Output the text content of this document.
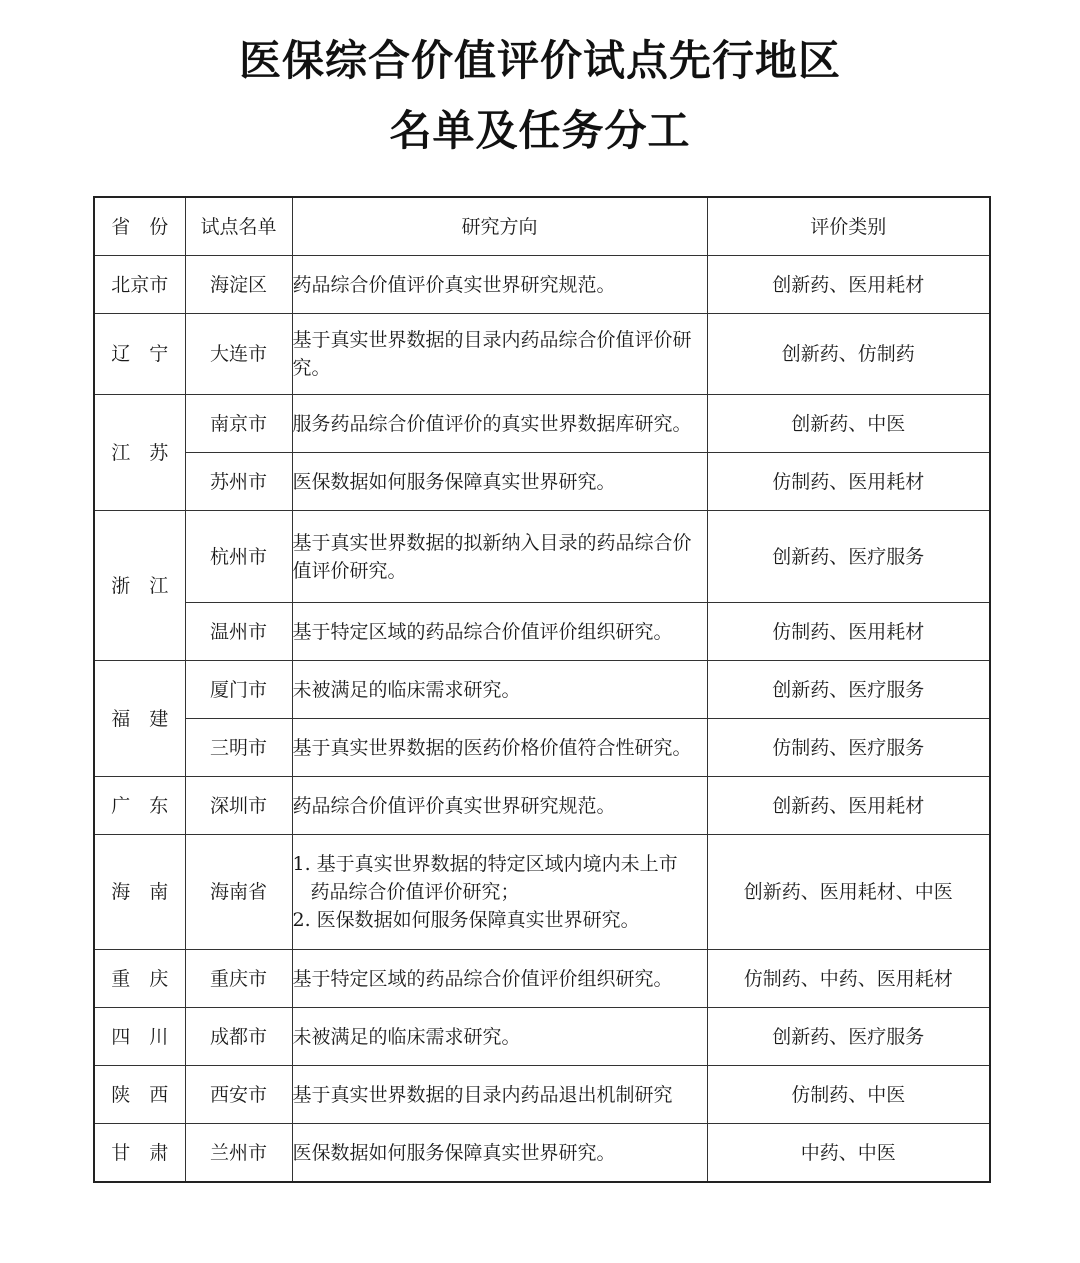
医保综合价值评价试点先行地区
名单及任务分工
省　份	试点名单	研究方向	评价类别
北京市	海淀区	药品综合价值评价真实世界研究规范。	创新药、医用耗材
辽　宁	大连市	基于真实世界数据的目录内药品综合价值评价研究。	创新药、仿制药
江　苏	南京市	服务药品综合价值评价的真实世界数据库研究。	创新药、中医
	苏州市	医保数据如何服务保障真实世界研究。	仿制药、医用耗材
浙　江	杭州市	基于真实世界数据的拟新纳入目录的药品综合价值评价研究。	创新药、医疗服务
	温州市	基于特定区域的药品综合价值评价组织研究。	仿制药、医用耗材
福　建	厦门市	未被满足的临床需求研究。	创新药、医疗服务
	三明市	基于真实世界数据的医药价格价值符合性研究。	仿制药、医疗服务
广　东	深圳市	药品综合价值评价真实世界研究规范。	创新药、医用耗材
海　南	海南省	1. 基于真实世界数据的特定区域内境内未上市
药品综合价值评价研究；
2. 医保数据如何服务保障真实世界研究。	创新药、医用耗材、中医
重　庆	重庆市	基于特定区域的药品综合价值评价组织研究。	仿制药、中药、医用耗材
四　川	成都市	未被满足的临床需求研究。	创新药、医疗服务
陕　西	西安市	基于真实世界数据的目录内药品退出机制研究	仿制药、中医
甘　肃	兰州市	医保数据如何服务保障真实世界研究。	中药、中医
